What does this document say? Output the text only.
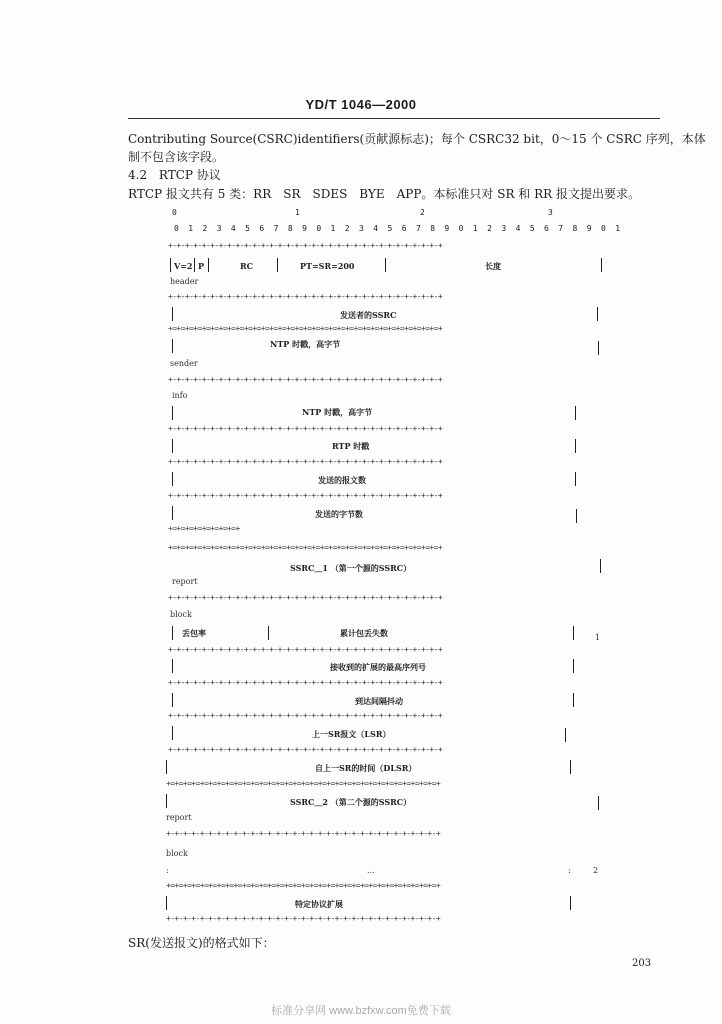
YD/T 1046—2000
Contributing Source(CSRC)identifiers(贡献源标志)；每个 CSRC32 bit，0～15 个 CSRC 序列，本体
制不包含该字段。
4.2 RTCP 协议
RTCP 报文共有 5 类：RR　SR　SDES　BYE　APP。本标准只对 SR 和 RR 报文提出要求。
0	1	2	3
0 1 2 3 4 5 6 7 8 9 0 1 2 3 4 5 6 7 8 9 0 1 2 3 4 5 6 7 8 9 0 1
+-+-+-+-+-+-+-+-+-+-+-+-+-+-+-+-+-+-+-+-+-+-+-+-+-+-+-+-+-+-+-+-+
V=2 P	RC	PT=SR=200	长度
header
+-+-+-+-+-+-+-+-+-+-+-+-+-+-+-+-+-+-+-+-+-+-+-+-+-+-+-+-+-+-+-+-+
发送者的SSRC
+=+=+=+=+=+=+=+=+=+=+=+=+=+=+=+=+=+=+=+=+=+=+=+=+=+=+=+=+=+=+=+=+
NTP 时戳，高字节
sender
+-+-+-+-+-+-+-+-+-+-+-+-+-+-+-+-+-+-+-+-+-+-+-+-+-+-+-+-+-+-+-+-+
info
NTP 时戳，高字节
+-+-+-+-+-+-+-+-+-+-+-+-+-+-+-+-+-+-+-+-+-+-+-+-+-+-+-+-+-+-+-+-+
RTP 时戳
+-+-+-+-+-+-+-+-+-+-+-+-+-+-+-+-+-+-+-+-+-+-+-+-+-+-+-+-+-+-+-+-+
发送的报文数
+-+-+-+-+-+-+-+-+-+-+-+-+-+-+-+-+-+-+-+-+-+-+-+-+-+-+-+-+-+-+-+-+
发送的字节数
+=+=+=+=+=+=+=+=+
+=+=+=+=+=+=+=+=+=+=+=+=+=+=+=+=+=+=+=+=+=+=+=+=+=+=+=+=+=+=+=+=+
SSRC＿1 （第一个源的SSRC）
report
block
+-+-+-+-+-+-+-+-+-+-+-+-+-+-+-+-+-+-+-+-+-+-+-+-+-+-+-+-+-+-+-+-+
丢包率	累计包丢失数	1
+-+-+-+-+-+-+-+-+-+-+-+-+-+-+-+-+-+-+-+-+-+-+-+-+-+-+-+-+-+-+-+-+
接收到的扩展的最高序列号
+-+-+-+-+-+-+-+-+-+-+-+-+-+-+-+-+-+-+-+-+-+-+-+-+-+-+-+-+-+-+-+-+
到达间隔抖动
+-+-+-+-+-+-+-+-+-+-+-+-+-+-+-+-+-+-+-+-+-+-+-+-+-+-+-+-+-+-+-+-+
上一SR报文（LSR）
+-+-+-+-+-+-+-+-+-+-+-+-+-+-+-+-+-+-+-+-+-+-+-+-+-+-+-+-+-+-+-+-+
自上一SR的时间（DLSR）
+=+=+=+=+=+=+=+=+=+=+=+=+=+=+=+=+=+=+=+=+=+=+=+=+=+=+=+=+=+=+=+=+
SSRC＿2 （第二个源的SSRC）
report
+-+-+-+-+-+-+-+-+-+-+-+-+-+-+-+-+-+-+-+-+-+-+-+-+-+-+-+-+-+-+-+-+
block
:	...	:	2
+=+=+=+=+=+=+=+=+=+=+=+=+=+=+=+=+=+=+=+=+=+=+=+=+=+=+=+=+=+=+=+=+
特定协议扩展
+-+-+-+-+-+-+-+-+-+-+-+-+-+-+-+-+-+-+-+-+-+-+-+-+-+-+-+-+-+-+-+-+
SR(发送报文)的格式如下：
203
标准分享网 www.bzfxw.com免费下载
